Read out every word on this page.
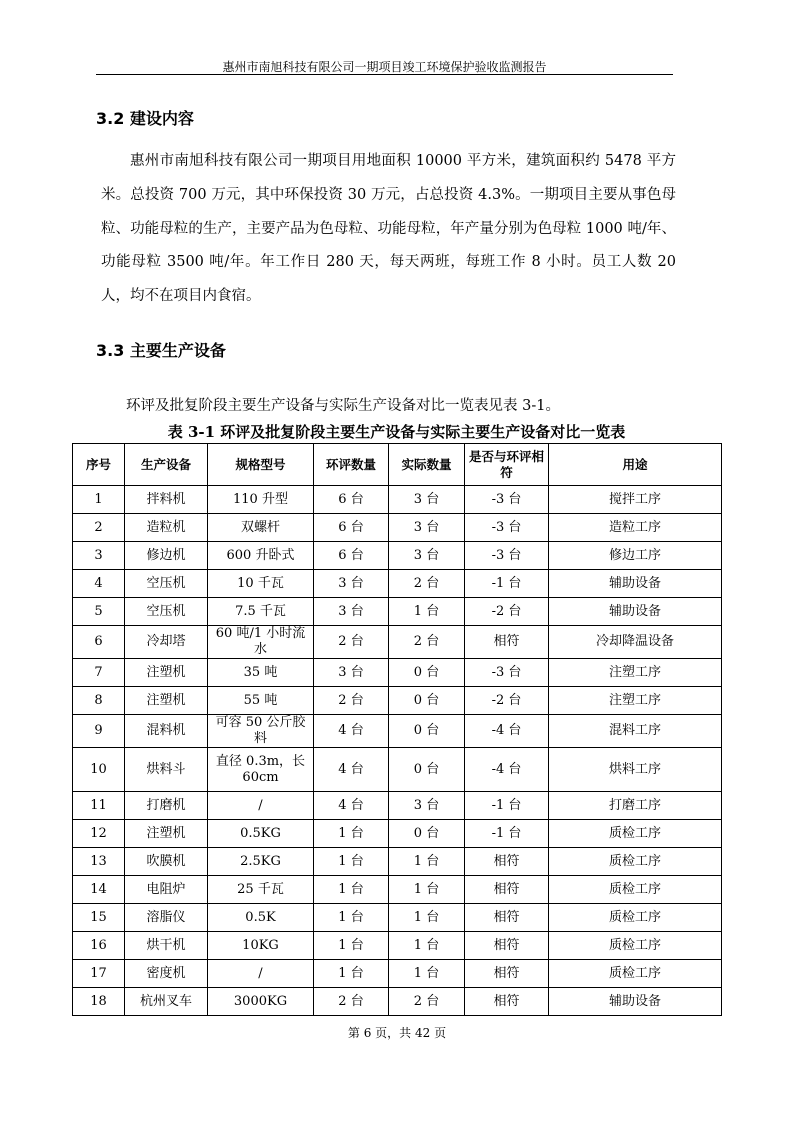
惠州市南旭科技有限公司一期项目竣工环境保护验收监测报告
3.2 建设内容

惠州市南旭科技有限公司一期项目用地面积 10000 平方米，建筑面积约 5478 平方米。总投资 700 万元，其中环保投资 30 万元，占总投资 4.3%。一期项目主要从事色母粒、功能母粒的生产，主要产品为色母粒、功能母粒，年产量分别为色母粒 1000 吨/年、功能母粒 3500 吨/年。年工作日 280 天，每天两班，每班工作 8 小时。员工人数 20 人，均不在项目内食宿。

3.3 主要生产设备
环评及批复阶段主要生产设备与实际生产设备对比一览表见表 3-1。
表 3-1 环评及批复阶段主要生产设备与实际主要生产设备对比一览表
序号	生产设备	规格型号	环评数量	实际数量	是否与环评相符	用途
1	拌料机	110 升型	6 台	3 台	-3 台	搅拌工序
2	造粒机	双螺杆	6 台	3 台	-3 台	造粒工序
3	修边机	600 升卧式	6 台	3 台	-3 台	修边工序
4	空压机	10 千瓦	3 台	2 台	-1 台	辅助设备
5	空压机	7.5 千瓦	3 台	1 台	-2 台	辅助设备
6	冷却塔	60 吨/1 小时流水	2 台	2 台	相符	冷却降温设备
7	注塑机	35 吨	3 台	0 台	-3 台	注塑工序
8	注塑机	55 吨	2 台	0 台	-2 台	注塑工序
9	混料机	可容 50 公斤胶料	4 台	0 台	-4 台	混料工序
10	烘料斗	直径 0.3m，长 60cm	4 台	0 台	-4 台	烘料工序
11	打磨机	/	4 台	3 台	-1 台	打磨工序
12	注塑机	0.5KG	1 台	0 台	-1 台	质检工序
13	吹膜机	2.5KG	1 台	1 台	相符	质检工序
14	电阻炉	25 千瓦	1 台	1 台	相符	质检工序
15	溶脂仪	0.5K	1 台	1 台	相符	质检工序
16	烘干机	10KG	1 台	1 台	相符	质检工序
17	密度机	/	1 台	1 台	相符	质检工序
18	杭州叉车	3000KG	2 台	2 台	相符	辅助设备
第 6 页，共 42 页
